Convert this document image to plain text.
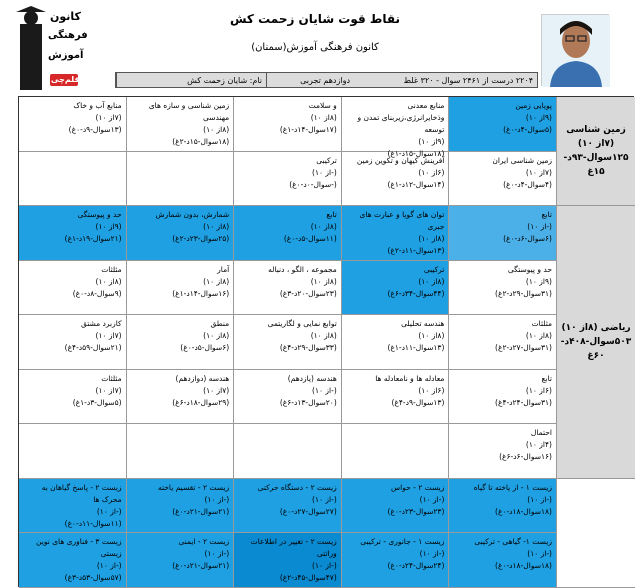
کانون
فرهنگی
آموزش
قلم‌چی
نقاط قوت شایان زحمت کش
کانون فرهنگی آموزش(سمنان)
نام: شایان زحمت کش	دوازدهم تجربی	۲۲۰۴ درست از ۲۴۶۱ سوال - ۳۲۰ غلط
زمین شناسی (۷از ۱۰)
۱۲۵سوال-۹۳د-
۱۵غ
پویایی زمین
(۹از ۱۰)
(۵سوال-۴د-۰غ)
منابع معدنی وذخایرانرژی،زیربنای تمدن و توسعه
(۹از ۱۰)
(۱۸سوال-۱۵د-۱غ)
و سلامت
(۸از ۱۰)
(۱۷سوال-۱۴د-۱غ)
زمین شناسی و سازه های مهندسی
(۸از ۱۰)
(۱۸سوال-۱۵د-۲غ)
منابع آب و خاک
(۷از ۱۰)
(۱۳سوال-۹د-۰غ)
زمین شناسی ایران
(۷از ۱۰)
(۴سوال-۴د-۰غ)
آفرینش کیهان و تکوین زمین
(۶از ۱۰)
(۱۴سوال-۱۲د-۱غ)
ترکیبی
(-از ۱۰)
(-سوال-۰د-۰غ)
ریاضی (۸از ۱۰)
۵۰۳سوال-۴۰۸د-
۶۰غ
تابع
(-از ۱۰)
(۶سوال-۶د-۰غ)
توان های گویا و عبارت های جبری
(۸از ۱۰)
(۱۳سوال-۱۱د-۲غ)
تابع
(۸از ۱۰)
(۱۱سوال-۵د-۰غ)
شمارش، بدون شمارش
(۸از ۱۰)
(۲۵سوال-۲۳د-۲غ)
حد و پیوستگی
(۹از ۱۰)
(۲۱سوال-۱۹د-۱غ)
حد و پیوستگی
(۹از ۱۰)
(۳۱سوال-۲۹د-۲غ)
ترکیبی
(۸از ۱۰)
(۴۴سوال-۳۴د-۶غ)
مجموعه ، الگو ، دنباله
(۸از ۱۰)
(۲۳سوال-۲۰د-۳غ)
آمار
(۸از ۱۰)
(۱۶سوال-۱۴د-۱غ)
مثلثات
(۸از ۱۰)
(۹سوال-۸د-۰غ)
مثلثات
(۸از ۱۰)
(۳۱سوال-۲۷د-۲غ)
هندسه تحلیلی
(۸از ۱۰)
(۱۳سوال-۱۱د-۱غ)
توابع نمایی و لگاریتمی
(۸از ۱۰)
(۳۳سوال-۲۹د-۴غ)
منطق
(۸از ۱۰)
(۶سوال-۵د-۰غ)
کاربرد مشتق
(۷از ۱۰)
(۲۱سوال-۵۹د-۴غ)
تابع
(۶از ۱۰)
(۳۱سوال-۲۴د-۴غ)
معادله ها و نامعادله ها
(۶از ۱۰)
(۱۳سوال-۹د-۴غ)
هندسه (یازدهم)
(-از ۱۰)
(۲۰سوال-۱۳د-۶غ)
هندسه (دوازدهم)
(۷از ۱۰)
(۲۹سوال-۱۸د-۶غ)
مثلثات
(۷از ۱۰)
(۵سوال-۳د-۱غ)
احتمال
(۴از ۱۰)
(۱۶سوال-۶د-۶غ)
زیست ۱ - از یاخته تا گیاه
(-از ۱۰)
(۱۸سوال-۱۸د-۰غ)
زیست ۲ - حواس
(-از ۱۰)
(۲۳سوال-۲۳د-۰غ)
زیست ۲ - دستگاه حرکتی
(-از ۱۰)
(۲۷سوال-۲۷د-۰غ)
زیست ۲ - تقسیم یاخته
(-از ۱۰)
(۲۱سوال-۲۱د-۰غ)
زیست ۲ - پاسخ گیاهان به محرک ها
(-از ۱۰)
(۱۱سوال-۱۱د-۰غ)
زیست ۱- گیاهی - ترکیبی
(-از ۱۰)
(۱۸سوال-۱۸د-۰غ)
زیست ۱ - جانوری - ترکیبی
(-از ۱۰)
(۲۴سوال-۲۴د-۰غ)
زیست ۲ - تغییر در اطلاعات وراثتی
(-از ۱۰)
(۴۷سوال-۴۵د-۲غ)
زیست ۲ - ایمنی
(-از ۱۰)
(۲۱سوال-۲۱د-۰غ)
زیست ۳ - فناوری های نوین زیستی
(-از ۱۰)
(۵۷سوال-۵۳د-۳غ)
